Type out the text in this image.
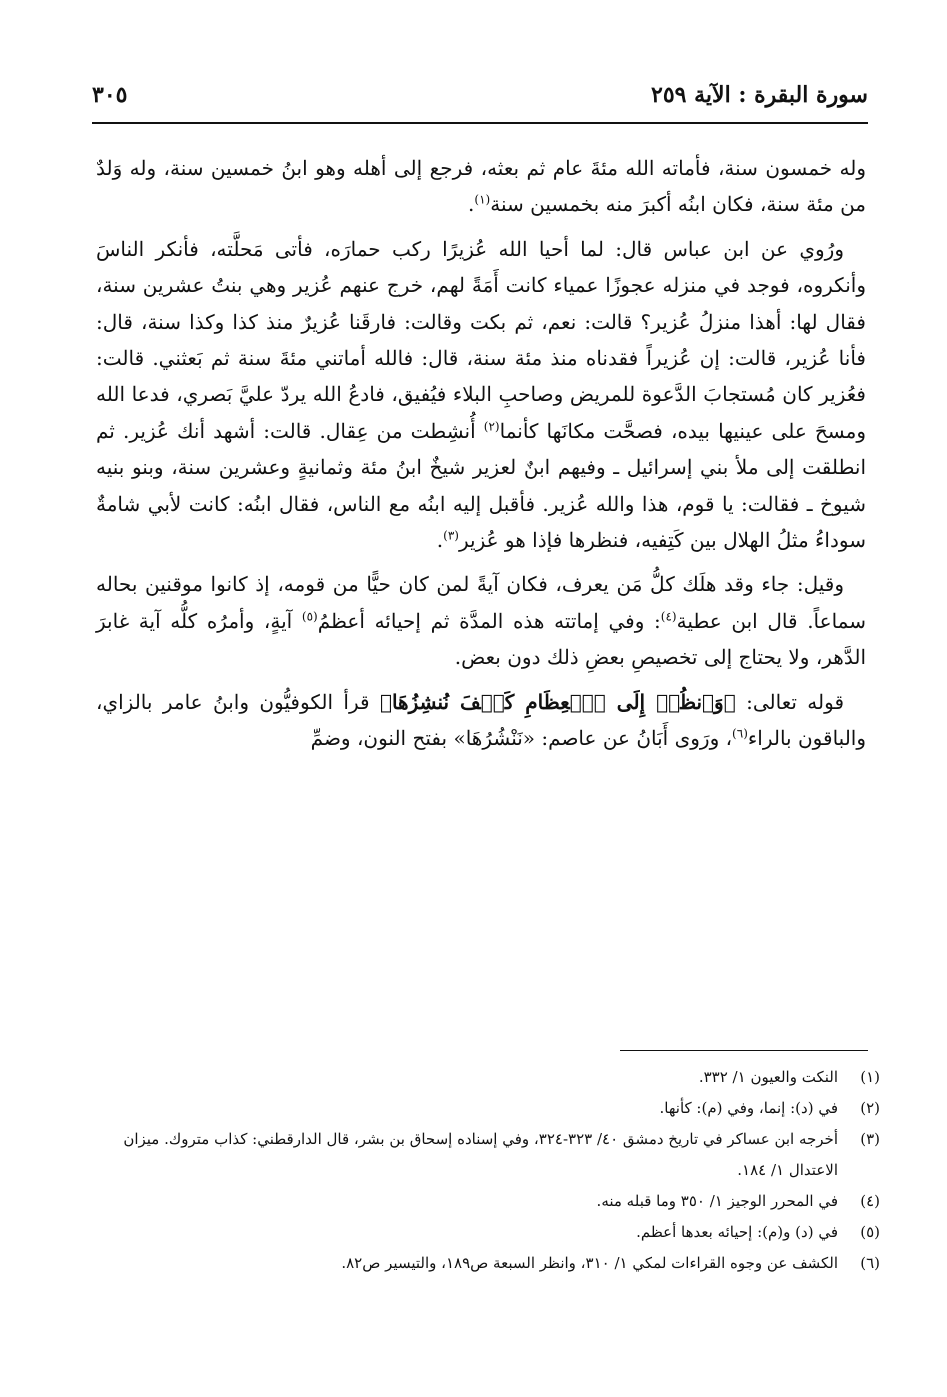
سورة البقرة : الآية ٢٥٩
٣٠٥

وله خمسون سنة، فأماته الله مئةَ عام ثم بعثه، فرجع إلى أهله وهو ابنُ خمسين سنة، وله وَلدٌ من مئة سنة، فكان ابنُه أكبرَ منه بخمسين سنة$^{(١)}$.

ورُوي عن ابن عباس قال: لما أحيا الله عُزيرًا ركب حمارَه، فأتى مَحلَّته، فأنكر الناسَ وأنكروه، فوجد في منزله عجوزًا عمياء كانت أَمَةً لهم، خرج عنهم عُزير وهي بنتُ عشرين سنة، فقال لها: أهذا منزلُ عُزير؟ قالت: نعم، ثم بكت وقالت: فارقَنا عُزيرٌ منذ كذا وكذا سنة، قال: فأنا عُزير، قالت: إن عُزيراً فقدناه منذ مئة سنة، قال: فالله أماتني مئةَ سنة ثم بَعثني. قالت: فعُزير كان مُستجابَ الدَّعوة للمريض وصاحبِ البلاء فيُفيق، فادعُ الله يردّ عليَّ بَصري، فدعا الله ومسحَ على عينيها بيده، فصحَّت مكانَها كأنما$^{(٢)}$ أُنشِطت من عِقال. قالت: أشهد أنك عُزير. ثم انطلقت إلى ملأ بني إسرائيل ـ وفيهم ابنٌ لعزير شيخٌ ابنُ مئة وثمانيةٍ وعشرين سنة، وبنو بنيه شيوخ ـ فقالت: يا قوم، هذا والله عُزير. فأقبل إليه ابنُه مع الناس، فقال ابنُه: كانت لأبي شامةٌ سوداءُ مثلُ الهلال بين كَتِفيه، فنظرها فإذا هو عُزير$^{(٣)}$.

وقيل: جاء وقد هلَك كلُّ مَن يعرف، فكان آيةً لمن كان حيًّا من قومه، إذ كانوا موقنين بحاله سماعاً. قال ابن عطية$^{(٤)}$: وفي إماتته هذه المدَّة ثم إحيائه أعظمُ$^{(٥)}$ آيةٍ، وأمرُه كلُّه آية غابرَ الدَّهر، ولا يحتاج إلى تخصيصِ بعضِ ذلك دون بعض.

قوله تعالى: ﴿وَٱنظُرۡ إِلَى ٱلۡعِظَامِ كَيۡفَ نُنشِزُهَا﴾ قرأ الكوفيُّون وابنُ عامر بالزاي، والباقون بالراء$^{(٦)}$، ورَوى أَبَانُ عن عاصم: «نَنْشُرُهَا» بفتح النون، وضمِّ

(١)
النكت والعيون ١/ ٣٣٢.
(٢)
في (د): إنما، وفي (م): كأنها.
(٣)
أخرجه ابن عساكر في تاريخ دمشق ٤٠/ ٣٢٣-٣٢٤، وفي إسناده إسحاق بن بشر، قال الدارقطني: كذاب متروك. ميزان الاعتدال ١/ ١٨٤.
(٤)
في المحرر الوجيز ١/ ٣٥٠ وما قبله منه.
(٥)
في (د) و(م): إحيائه بعدها أعظم.
(٦)
الكشف عن وجوه القراءات لمكي ١/ ٣١٠، وانظر السبعة ص١٨٩، والتيسير ص٨٢.
